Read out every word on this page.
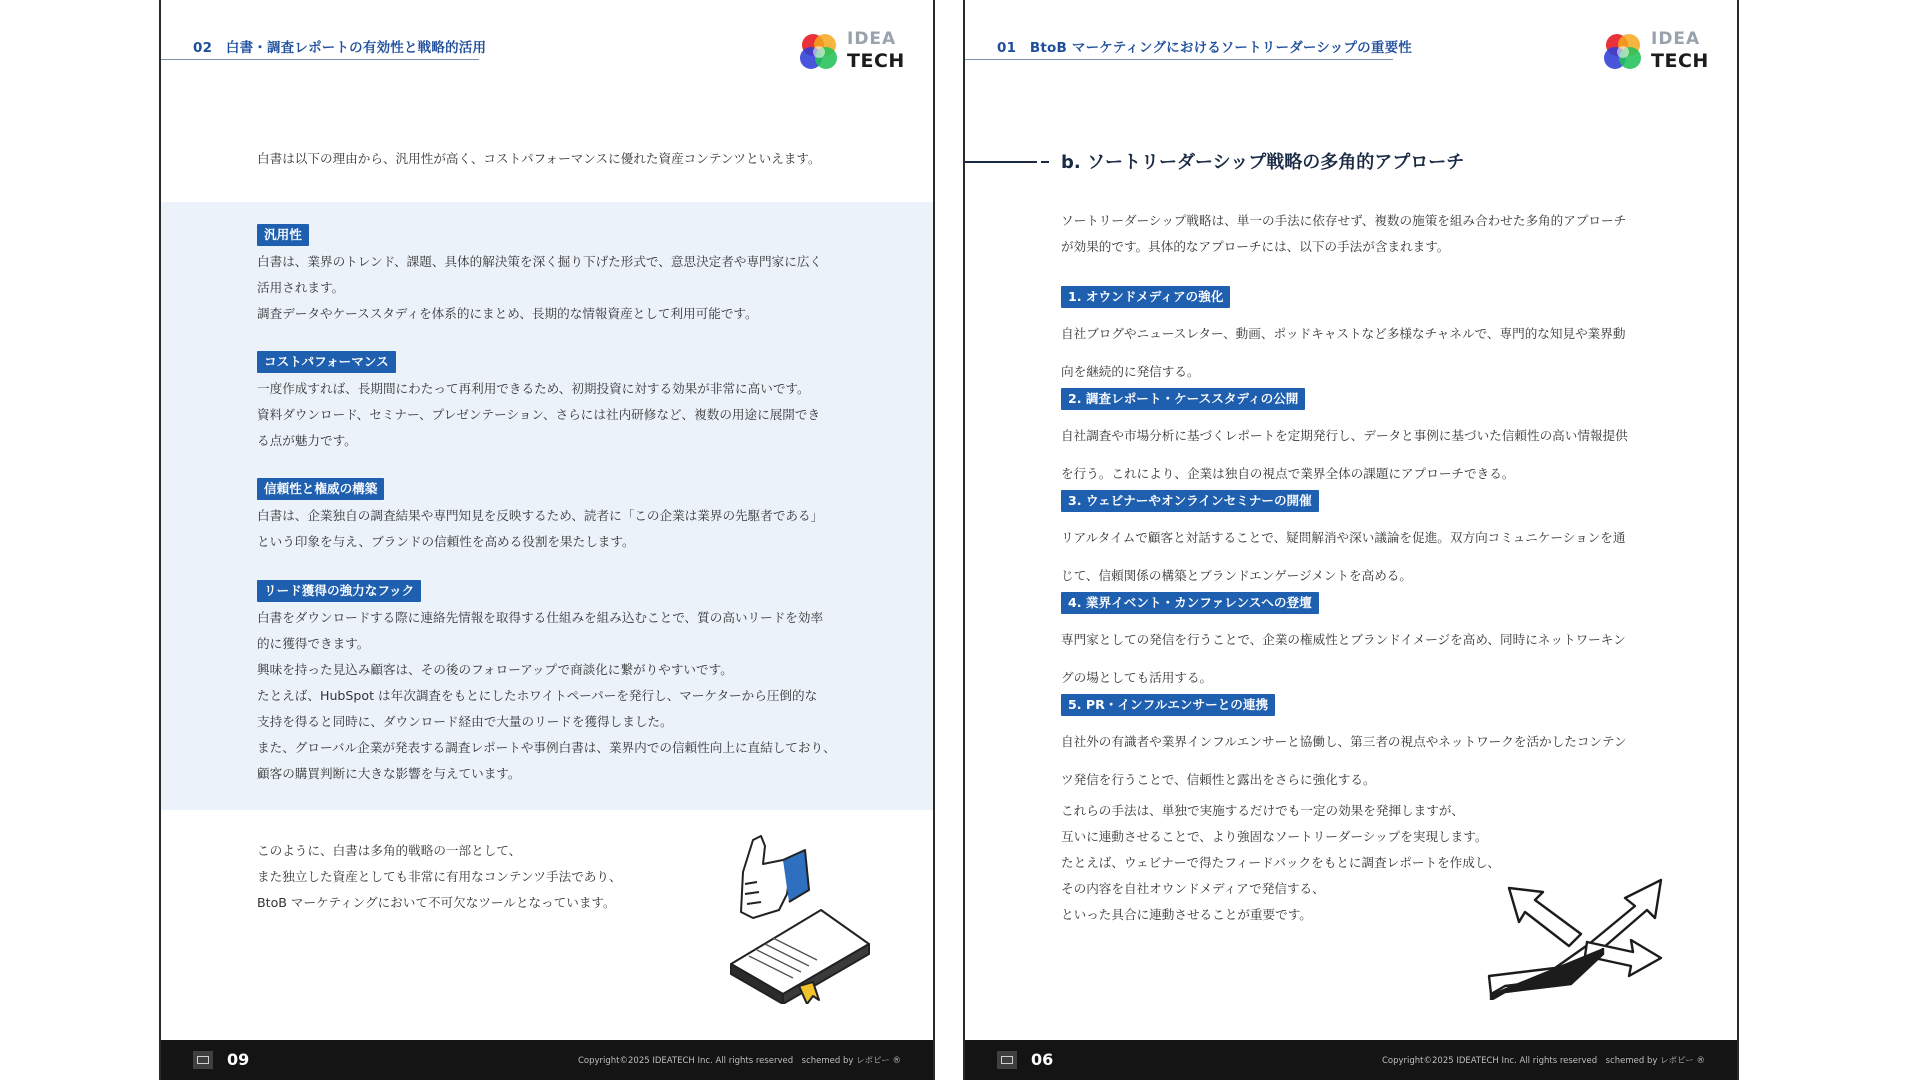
02　白書・調査レポートの有効性と戦略的活用	IDEA
TECH
白書は以下の理由から、汎用性が高く、コストパフォーマンスに優れた資産コンテンツといえます。
汎用性

白書は、業界のトレンド、課題、具体的解決策を深く掘り下げた形式で、意思決定者や専門家に広く

活用されます。

調査データやケーススタディを体系的にまとめ、長期的な情報資産として利用可能です。

コストパフォーマンス

一度作成すれば、長期間にわたって再利用できるため、初期投資に対する効果が非常に高いです。

資料ダウンロード、セミナー、プレゼンテーション、さらには社内研修など、複数の用途に展開でき

る点が魅力です。

信頼性と権威の構築

白書は、企業独自の調査結果や専門知見を反映するため、読者に「この企業は業界の先駆者である」

という印象を与え、ブランドの信頼性を高める役割を果たします。

リード獲得の強力なフック

白書をダウンロードする際に連絡先情報を取得する仕組みを組み込むことで、質の高いリードを効率

的に獲得できます。

興味を持った見込み顧客は、その後のフォローアップで商談化に繋がりやすいです。

たとえば、HubSpot は年次調査をもとにしたホワイトペーパーを発行し、マーケターから圧倒的な

支持を得ると同時に、ダウンロード経由で大量のリードを獲得しました。

また、グローバル企業が発表する調査レポートや事例白書は、業界内での信頼性向上に直結しており、

顧客の購買判断に大きな影響を与えています。

このように、白書は多角的戦略の一部として、
また独立した資産としても非常に有用なコンテンツ手法であり、
BtoB マーケティングにおいて不可欠なツールとなっています。
09	Copyright©2025 IDEATECH Inc. All rights reserved　schemed by レポピー ®
01　BtoB マーケティングにおけるソートリーダーシップの重要性	IDEA
TECH
b. ソートリーダーシップ戦略の多角的アプローチ
ソートリーダーシップ戦略は、単一の手法に依存せず、複数の施策を組み合わせた多角的アプローチ
が効果的です。具体的なアプローチには、以下の手法が含まれます。
1. オウンドメディアの強化

自社ブログやニュースレター、動画、ポッドキャストなど多様なチャネルで、専門的な知見や業界動

向を継続的に発信する。

2. 調査レポート・ケーススタディの公開

自社調査や市場分析に基づくレポートを定期発行し、データと事例に基づいた信頼性の高い情報提供

を行う。これにより、企業は独自の視点で業界全体の課題にアプローチできる。

3. ウェビナーやオンラインセミナーの開催

リアルタイムで顧客と対話することで、疑問解消や深い議論を促進。双方向コミュニケーションを通

じて、信頼関係の構築とブランドエンゲージメントを高める。

4. 業界イベント・カンファレンスへの登壇

専門家としての発信を行うことで、企業の権威性とブランドイメージを高め、同時にネットワーキン

グの場としても活用する。

5. PR・インフルエンサーとの連携

自社外の有識者や業界インフルエンサーと協働し、第三者の視点やネットワークを活かしたコンテン

ツ発信を行うことで、信頼性と露出をさらに強化する。

これらの手法は、単独で実施するだけでも一定の効果を発揮しますが、
互いに連動させることで、より強固なソートリーダーシップを実現します。
たとえば、ウェビナーで得たフィードバックをもとに調査レポートを作成し、
その内容を自社オウンドメディアで発信する、
といった具合に連動させることが重要です。
06	Copyright©2025 IDEATECH Inc. All rights reserved　schemed by レポピー ®
